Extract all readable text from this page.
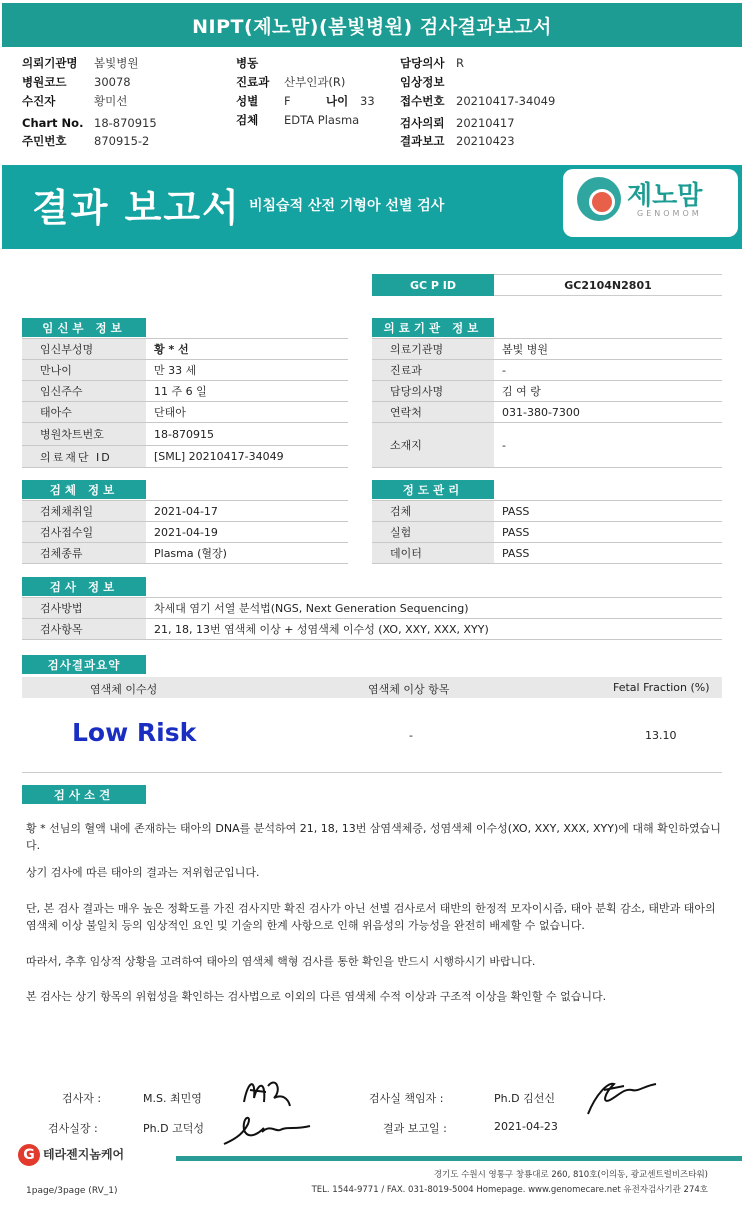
NIPT(제노맘)(봄빛병원) 검사결과보고서
의뢰기관명 봄빛병원
병원코드 30078
수진자	황미선
Chart No. 18-870915
주민번호 870915-2
병동
진료과 산부인과(R)
성별 F	나이 33
검체 EDTA Plasma
담당의사 R
임상정보
접수번호 20210417-34049
검사의뢰 20210417
결과보고 20210423
결과 보고서 비침습적 산전 기형아 선별 검사	제노맘
GENOMOM
GC P ID	GC2104N2801
임신부 정보
임신부성명	황 * 선
만나이	만 33 세
임신주수	11 주 6 일
태아수	단태아
병원차트번호	18-870915
의료재단 ID	[SML] 20210417-34049
의료기관 정보
의료기관명	봄빛 병원
진료과	-
담당의사명	김 여 랑
연락처	031-380-7300
소재지	-
검체 정보
검체채취일	2021-04-17
검사접수일	2021-04-19
검체종류	Plasma (혈장)
정도관리
검체	PASS
실험	PASS
데이터	PASS
검사 정보
검사방법	차세대 염기 서열 분석법(NGS, Next Generation Sequencing)
검사항목	21, 18, 13번 염색체 이상 + 성염색체 이수성 (XO, XXY, XXX, XYY)
검사결과요약
염색체 이수성	염색체 이상 항목	Fetal Fraction (%)
Low Risk	-	13.10
검사소견
황 * 선님의 혈액 내에 존재하는 태아의 DNA를 분석하여 21, 18, 13번 삼염색체증, 성염색체 이수성(XO, XXY, XXX, XYY)에 대해 확인하였습니다.
상기 검사에 따른 태아의 결과는 저위험군입니다.
단, 본 검사 결과는 매우 높은 정확도를 가진 검사지만 확진 검사가 아닌 선별 검사로서 태반의 한정적 모자이시즘, 태아 분획 감소, 태반과 태아의 염색체 이상 불일치 등의 임상적인 요인 및 기술의 한계 사항으로 인해 위음성의 가능성을 완전히 배제할 수 없습니다.
따라서, 추후 임상적 상황을 고려하여 태아의 염색체 핵형 검사를 통한 확인을 반드시 시행하시기 바랍니다.
본 검사는 상기 항목의 위험성을 확인하는 검사법으로 이외의 다른 염색체 수적 이상과 구조적 이상을 확인할 수 없습니다.
검사자 :	M.S. 최민영	검사실 책임자 :	Ph.D 김선신
검사실장 :	Ph.D 고덕성	결과 보고일 :	2021-04-23
G 테라젠지놈케어
경기도 수원시 영통구 창룡대로 260, 810호(이의동, 광교센트럴비즈타워)
TEL. 1544-9771 / FAX. 031-8019-5004 Homepage. www.genomecare.net 유전자검사기관 274호
1page/3page (RV_1)
